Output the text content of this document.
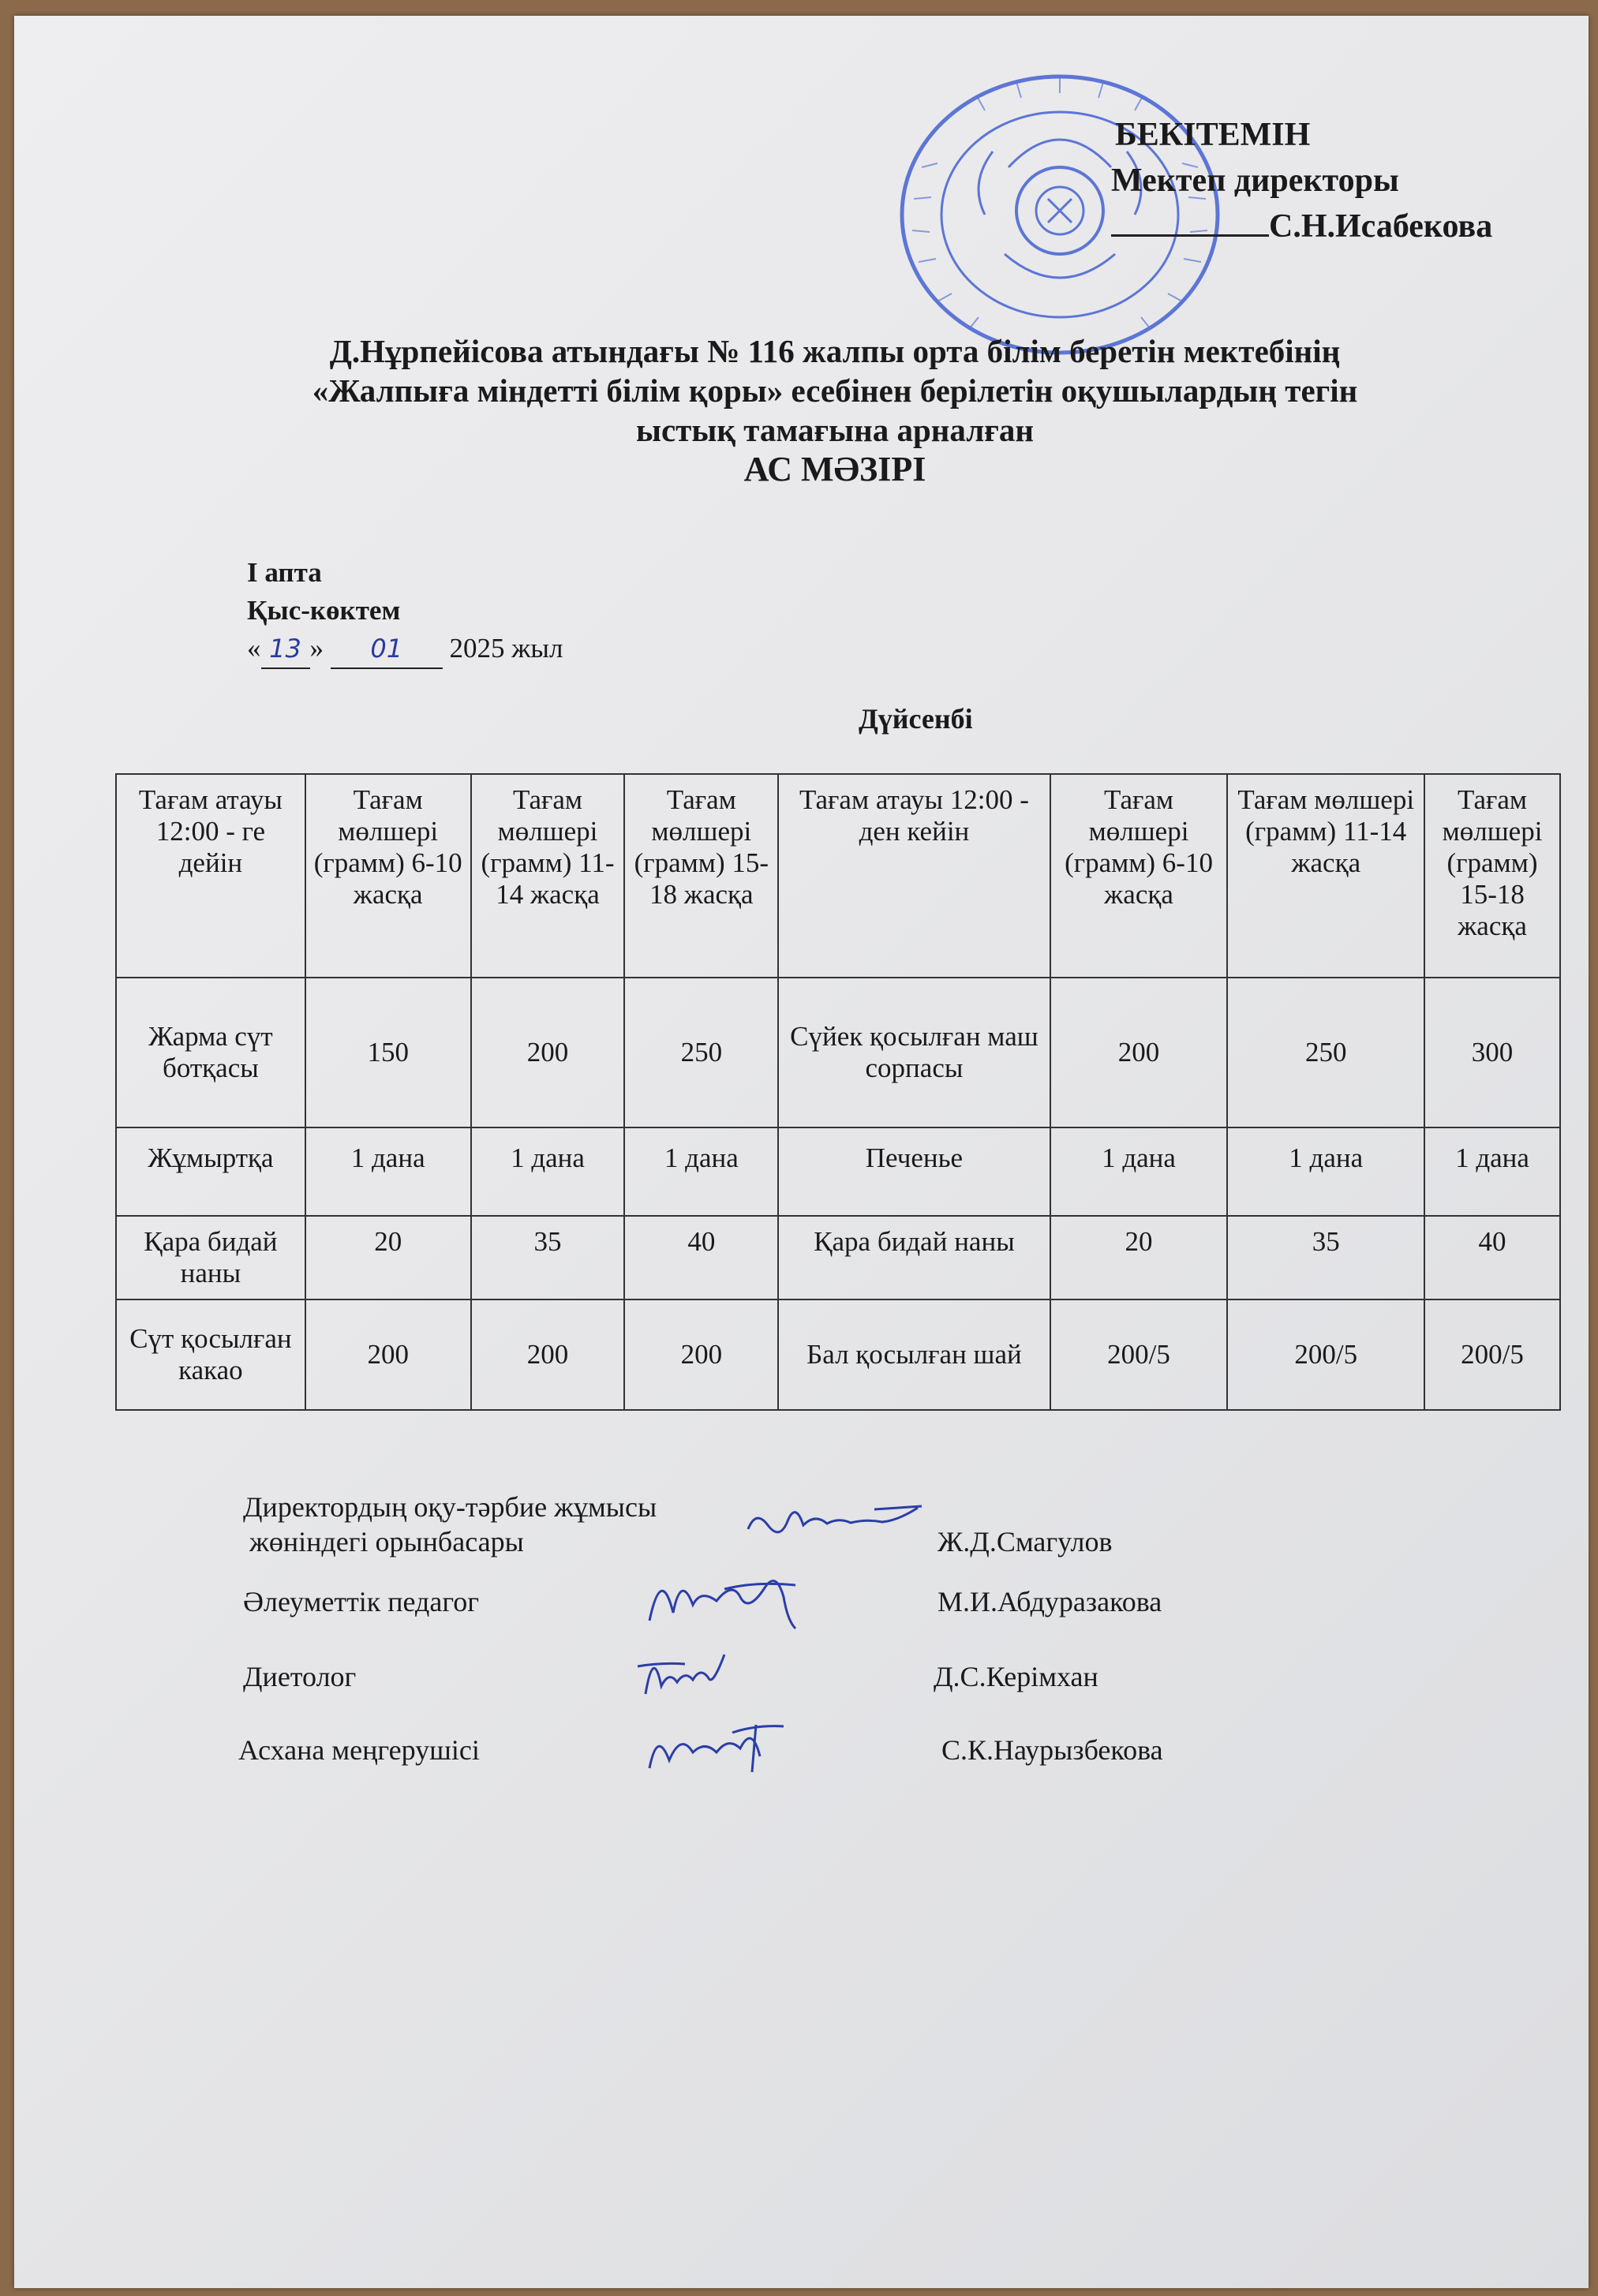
БЕКІТЕМІН
Мектеп директоры
С.Н.Исабекова
Д.Нұрпейісова атындағы № 116 жалпы орта білім беретін мектебінің
«Жалпыға міндетті білім қоры» есебінен берілетін оқушылардың тегін
ыстық тамағына арналған
АС МӘЗІРІ
І апта
Қыс-көктем
« 13 » 01 2025 жыл
Дүйсенбі
Тағам атауы 12:00 - ге дейін	Тағам мөлшері (грамм) 6-10 жасқа	Тағам мөлшері (грамм) 11-14 жасқа	Тағам мөлшері (грамм) 15-18 жасқа	Тағам атауы 12:00 - ден кейін	Тағам мөлшері (грамм) 6-10 жасқа	Тағам мөлшері (грамм) 11-14 жасқа	Тағам мөлшері (грамм) 15-18 жасқа
Жарма сүт ботқасы	150	200	250	Сүйек қосылған маш сорпасы	200	250	300
Жұмыртқа	1 дана	1 дана	1 дана	Печенье	1 дана	1 дана	1 дана
Қара бидай наны	20	35	40	Қара бидай наны	20	35	40
Сүт қосылған какао	200	200	200	Бал қосылған шай	200/5	200/5	200/5
Директордың оқу-тәрбие жұмысы
жөніндегі орынбасары	Ж.Д.Смагулов
Әлеуметтік педагог	М.И.Абдуразакова
Диетолог	Д.С.Керімхан
Асхана меңгерушісі	С.К.Наурызбекова
